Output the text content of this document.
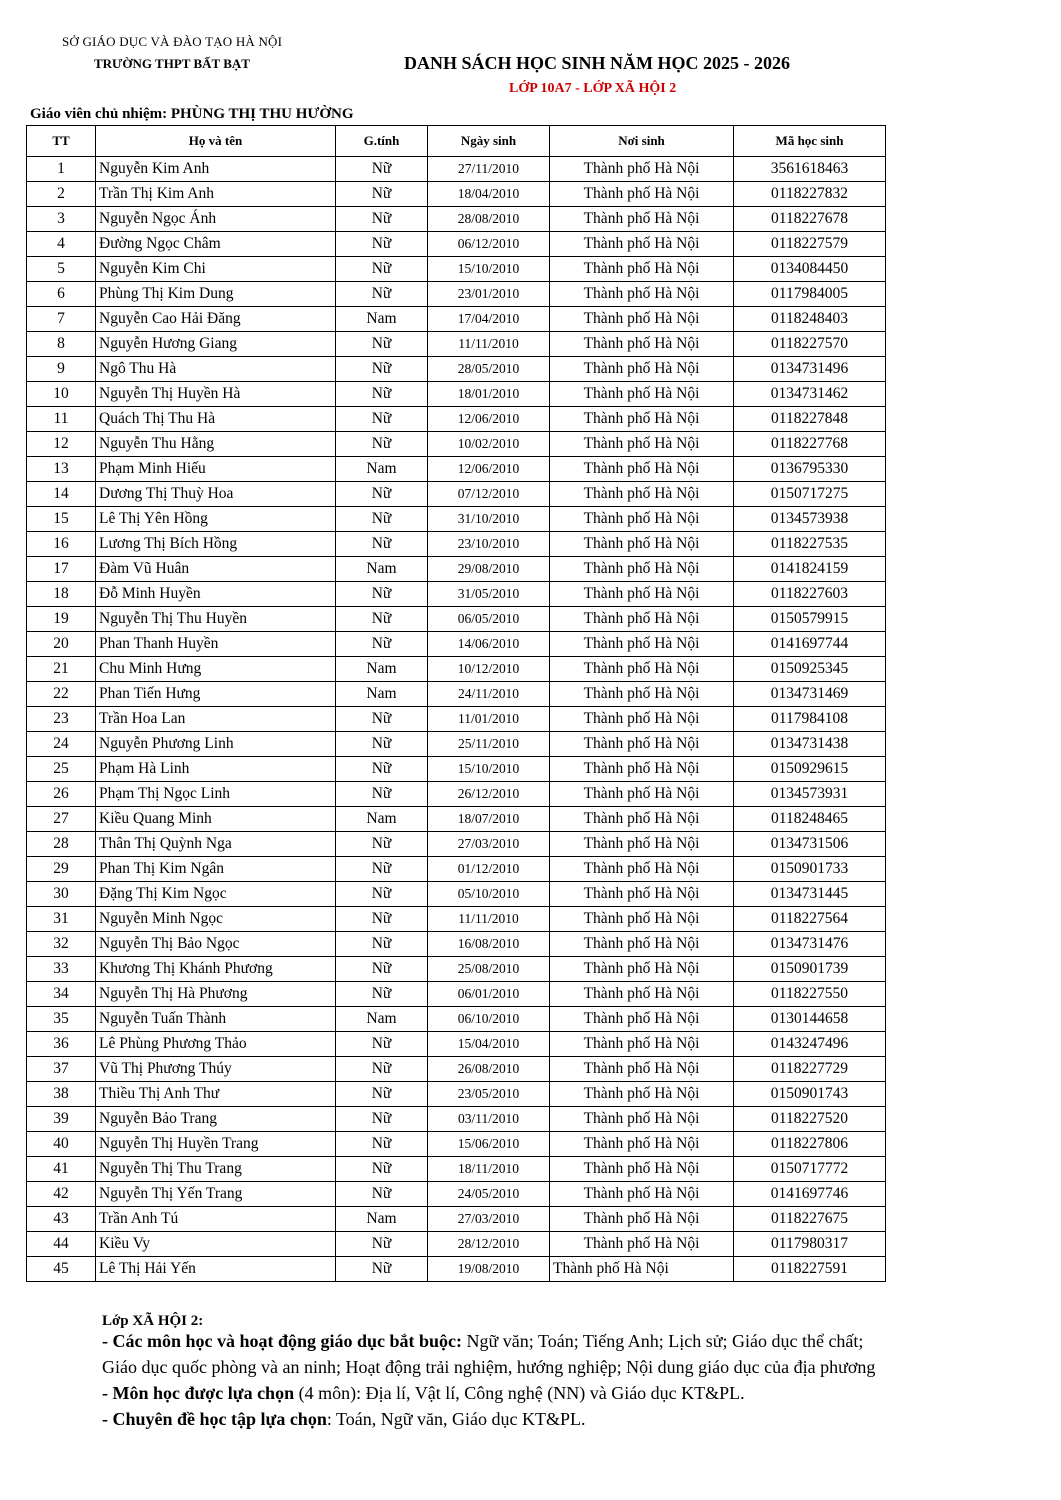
SỞ GIÁO DỤC VÀ ĐÀO TẠO HÀ NỘI
TRƯỜNG THPT BẤT BẠT	DANH SÁCH HỌC SINH NĂM HỌC 2025 - 2026
LỚP 10A7 - LỚP XÃ HỘI 2
Giáo viên chủ nhiệm: PHÙNG THỊ THU HƯỜNG
TT	Họ và tên	G.tính	Ngày sinh	Nơi sinh	Mã học sinh
1	Nguyễn Kim Anh	Nữ	27/11/2010	Thành phố Hà Nội	3561618463
2	Trần Thị Kim Anh	Nữ	18/04/2010	Thành phố Hà Nội	0118227832
3	Nguyễn Ngọc Ánh	Nữ	28/08/2010	Thành phố Hà Nội	0118227678
4	Đường Ngọc Châm	Nữ	06/12/2010	Thành phố Hà Nội	0118227579
5	Nguyễn Kim Chi	Nữ	15/10/2010	Thành phố Hà Nội	0134084450
6	Phùng Thị Kim Dung	Nữ	23/01/2010	Thành phố Hà Nội	0117984005
7	Nguyễn Cao Hải Đăng	Nam	17/04/2010	Thành phố Hà Nội	0118248403
8	Nguyễn Hương Giang	Nữ	11/11/2010	Thành phố Hà Nội	0118227570
9	Ngô Thu Hà	Nữ	28/05/2010	Thành phố Hà Nội	0134731496
10	Nguyễn Thị Huyền Hà	Nữ	18/01/2010	Thành phố Hà Nội	0134731462
11	Quách Thị Thu Hà	Nữ	12/06/2010	Thành phố Hà Nội	0118227848
12	Nguyễn Thu Hằng	Nữ	10/02/2010	Thành phố Hà Nội	0118227768
13	Phạm Minh Hiếu	Nam	12/06/2010	Thành phố Hà Nội	0136795330
14	Dương Thị Thuỳ Hoa	Nữ	07/12/2010	Thành phố Hà Nội	0150717275
15	Lê Thị Yên Hồng	Nữ	31/10/2010	Thành phố Hà Nội	0134573938
16	Lương Thị Bích Hồng	Nữ	23/10/2010	Thành phố Hà Nội	0118227535
17	Đàm Vũ Huân	Nam	29/08/2010	Thành phố Hà Nội	0141824159
18	Đỗ Minh Huyền	Nữ	31/05/2010	Thành phố Hà Nội	0118227603
19	Nguyễn Thị Thu Huyền	Nữ	06/05/2010	Thành phố Hà Nội	0150579915
20	Phan Thanh Huyền	Nữ	14/06/2010	Thành phố Hà Nội	0141697744
21	Chu Minh Hưng	Nam	10/12/2010	Thành phố Hà Nội	0150925345
22	Phan Tiến Hưng	Nam	24/11/2010	Thành phố Hà Nội	0134731469
23	Trần Hoa Lan	Nữ	11/01/2010	Thành phố Hà Nội	0117984108
24	Nguyễn Phương Linh	Nữ	25/11/2010	Thành phố Hà Nội	0134731438
25	Phạm Hà Linh	Nữ	15/10/2010	Thành phố Hà Nội	0150929615
26	Phạm Thị Ngọc Linh	Nữ	26/12/2010	Thành phố Hà Nội	0134573931
27	Kiều Quang Minh	Nam	18/07/2010	Thành phố Hà Nội	0118248465
28	Thân Thị Quỳnh Nga	Nữ	27/03/2010	Thành phố Hà Nội	0134731506
29	Phan Thị Kim Ngân	Nữ	01/12/2010	Thành phố Hà Nội	0150901733
30	Đặng Thị Kim Ngọc	Nữ	05/10/2010	Thành phố Hà Nội	0134731445
31	Nguyễn Minh Ngọc	Nữ	11/11/2010	Thành phố Hà Nội	0118227564
32	Nguyễn Thị Bảo Ngọc	Nữ	16/08/2010	Thành phố Hà Nội	0134731476
33	Khương Thị Khánh Phương	Nữ	25/08/2010	Thành phố Hà Nội	0150901739
34	Nguyễn Thị Hà Phương	Nữ	06/01/2010	Thành phố Hà Nội	0118227550
35	Nguyễn Tuấn Thành	Nam	06/10/2010	Thành phố Hà Nội	0130144658
36	Lê Phùng Phương Thảo	Nữ	15/04/2010	Thành phố Hà Nội	0143247496
37	Vũ Thị Phương Thúy	Nữ	26/08/2010	Thành phố Hà Nội	0118227729
38	Thiều Thị Anh Thư	Nữ	23/05/2010	Thành phố Hà Nội	0150901743
39	Nguyễn Bảo Trang	Nữ	03/11/2010	Thành phố Hà Nội	0118227520
40	Nguyễn Thị Huyền Trang	Nữ	15/06/2010	Thành phố Hà Nội	0118227806
41	Nguyễn Thị Thu Trang	Nữ	18/11/2010	Thành phố Hà Nội	0150717772
42	Nguyễn Thị Yến Trang	Nữ	24/05/2010	Thành phố Hà Nội	0141697746
43	Trần Anh Tú	Nam	27/03/2010	Thành phố Hà Nội	0118227675
44	Kiều Vy	Nữ	28/12/2010	Thành phố Hà Nội	0117980317
45	Lê Thị Hải Yến	Nữ	19/08/2010	Thành phố Hà Nội	0118227591
Lớp XÃ HỘI 2:

- Các môn học và hoạt động giáo dục bắt buộc: Ngữ văn; Toán; Tiếng Anh; Lịch sử; Giáo dục thể chất; Giáo dục quốc phòng và an ninh; Hoạt động trải nghiệm, hướng nghiệp; Nội dung giáo dục của địa phương

- Môn học được lựa chọn (4 môn): Địa lí, Vật lí, Công nghệ (NN) và Giáo dục KT&PL.

- Chuyên đề học tập lựa chọn: Toán, Ngữ văn, Giáo dục KT&PL.
